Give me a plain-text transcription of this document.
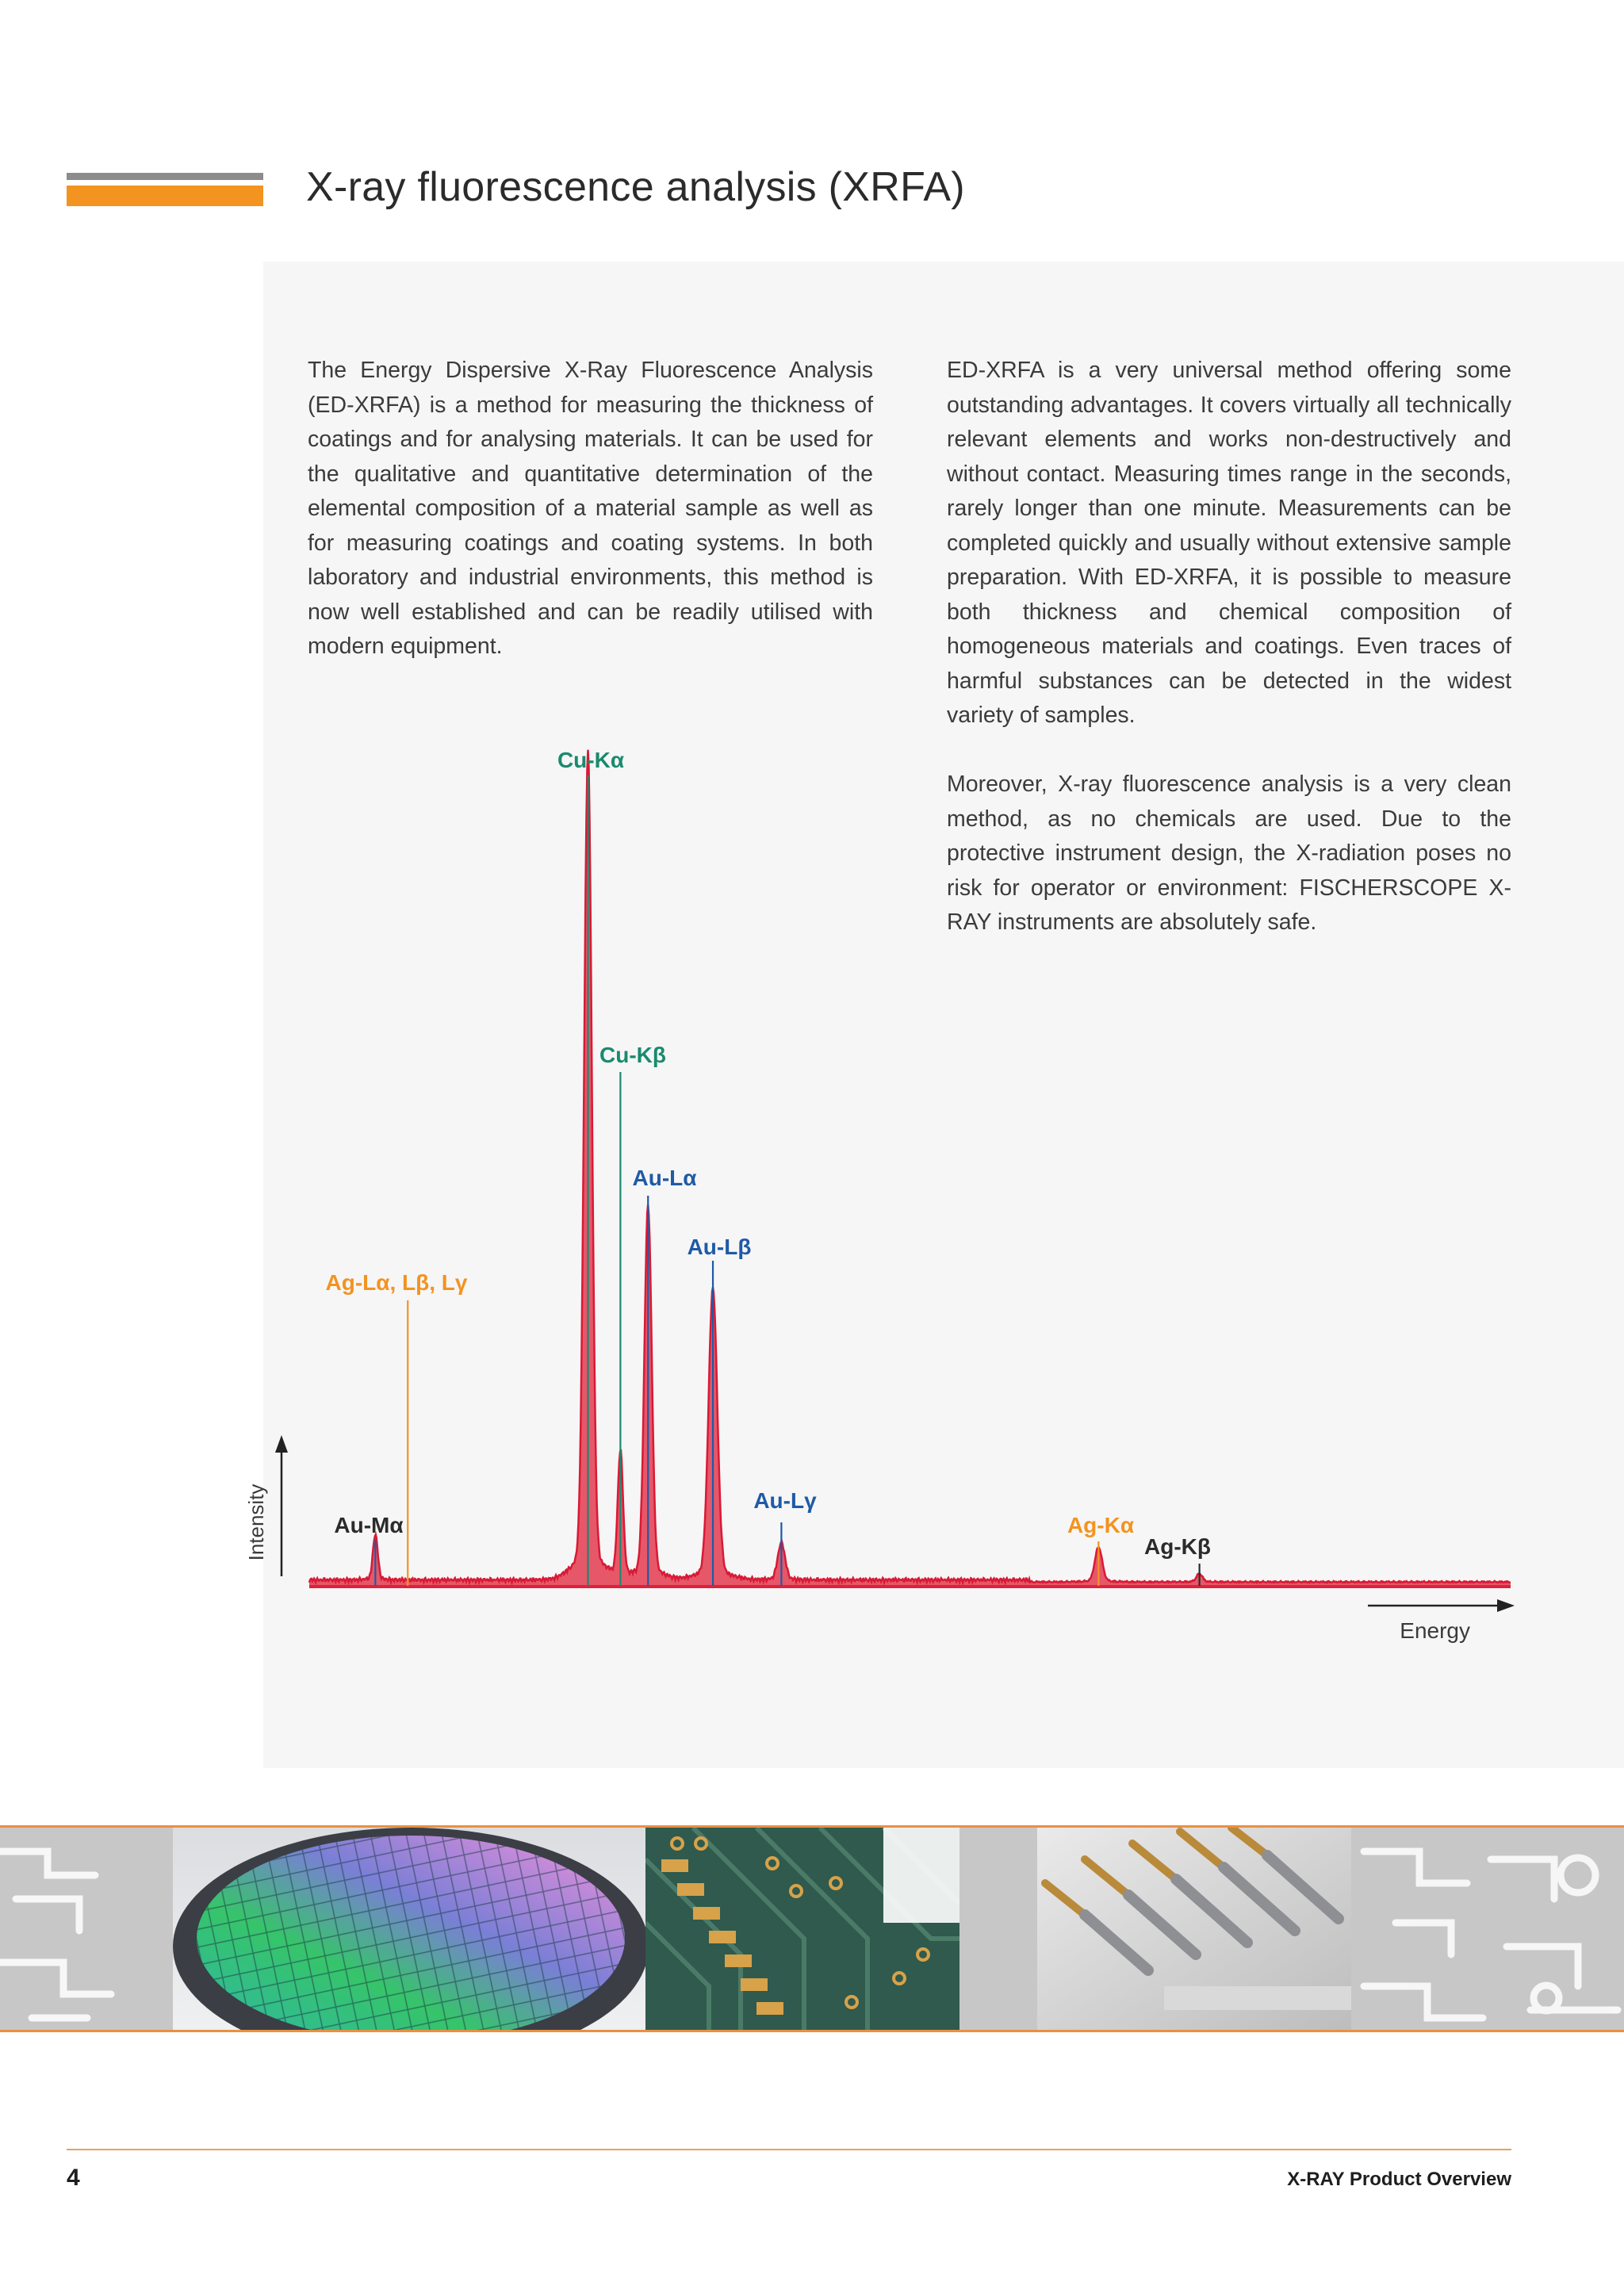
X-ray fluorescence analysis (XRFA)

The Energy Dispersive X-Ray Fluorescence Analysis (ED-XRFA) is a method for measuring the thickness of coatings and for analysing materials. It can be used for the qualitative and quantitative determination of the elemental composition of a material sample as well as for measuring coatings and coating systems. In both laboratory and industrial environments, this method is now well established and can be readily utilised with modern equipment.

ED-XRFA is a very universal method offering some outstanding advantages. It covers virtually all technically relevant elements and works non-destructively and without contact. Measuring times range in the seconds, rarely longer than one minute. Measurements can be completed quickly and usually without extensive sample preparation. With ED-XRFA, it is possible to measure both thickness and chemical composition of homogeneous materials and coatings. Even traces of harmful substances can be detected in the widest variety of samples.

Moreover, X-ray fluorescence analysis is a very clean method, as no chemicals are used. Due to the protective instrument design, the X-radiation poses no risk for operator or environment: FISCHERSCOPE X-RAY instruments are absolutely safe.

Intensity
Energy
Au-Mα
Ag-Lα, Lβ, Lγ
Cu-Kα
Cu-Kβ
Au-Lα
Au-Lβ
Au-Lγ
Ag-Kα
Ag-Kβ
4	X-RAY Product Overview
